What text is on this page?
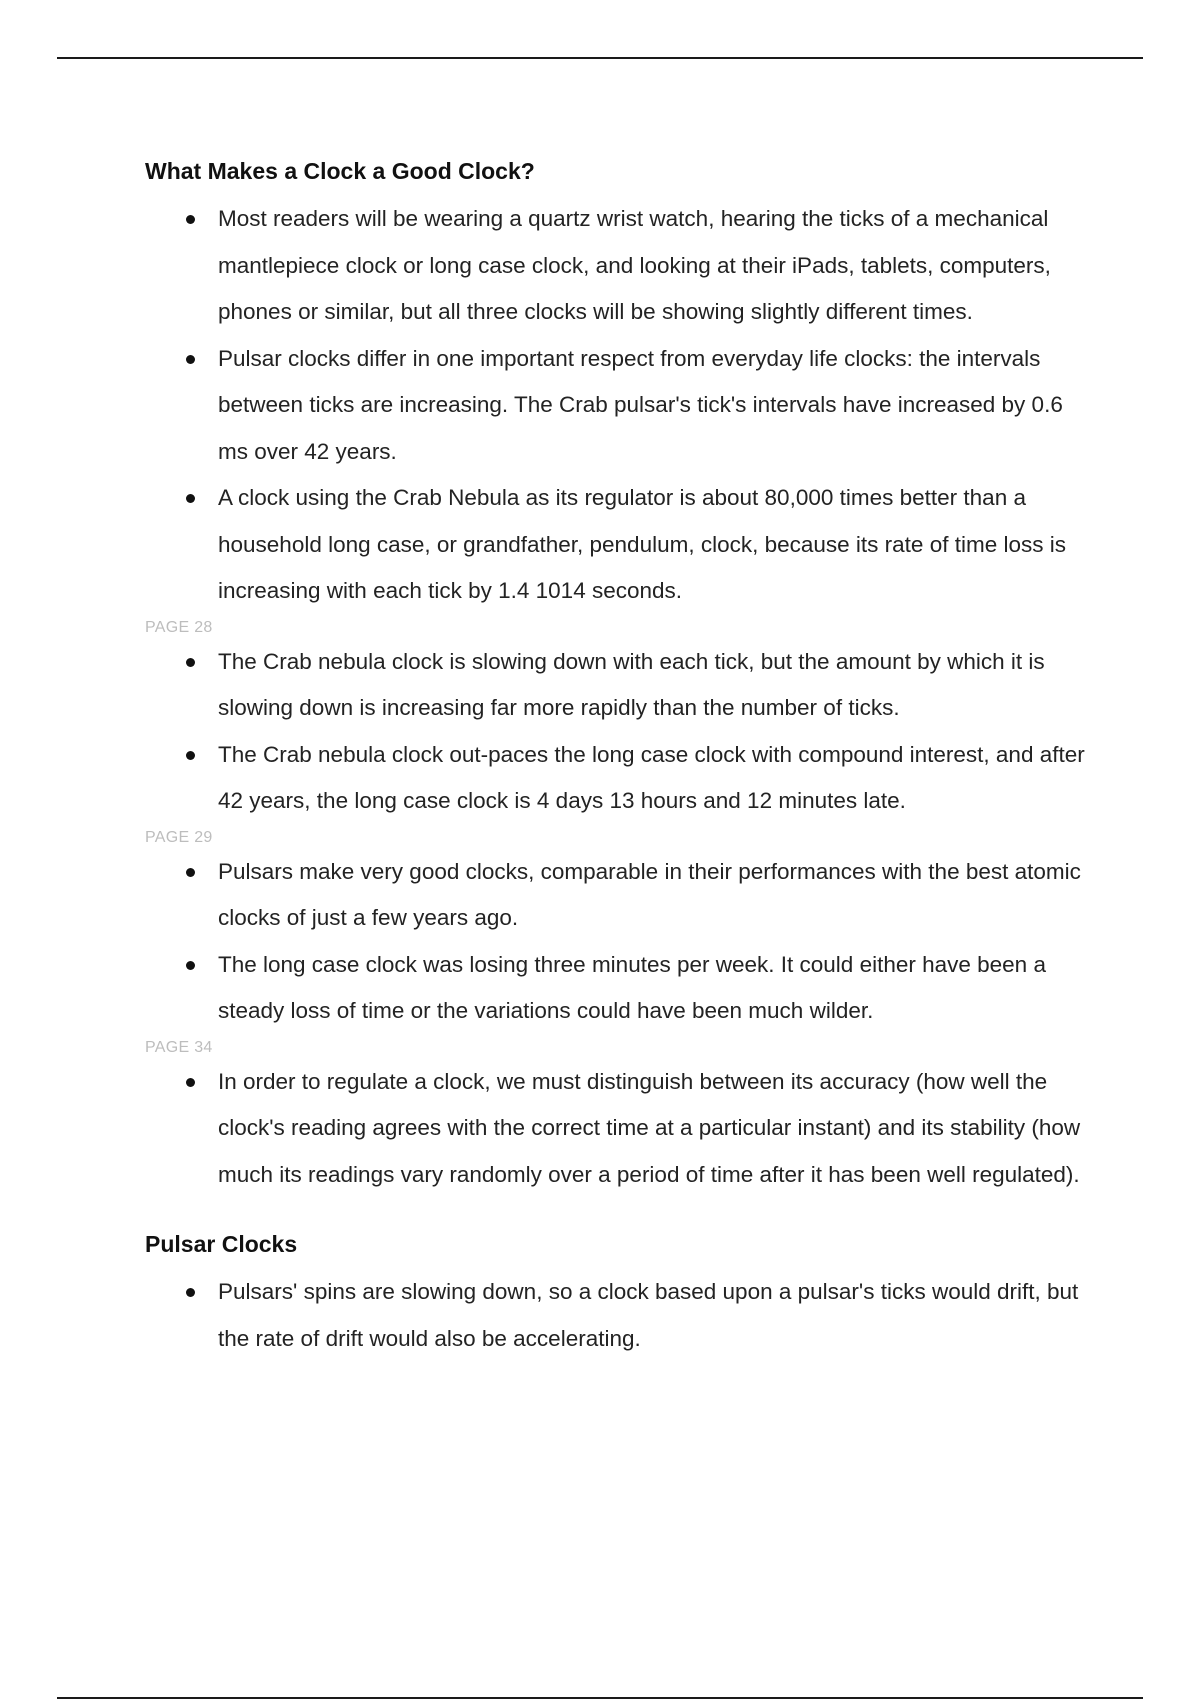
What Makes a Clock a Good Clock?
Most readers will be wearing a quartz wrist watch, hearing the ticks of a mechanical mantlepiece clock or long case clock, and looking at their iPads, tablets, computers, phones or similar, but all three clocks will be showing slightly different times.
Pulsar clocks differ in one important respect from everyday life clocks: the intervals between ticks are increasing. The Crab pulsar's tick's intervals have increased by 0.6 ms over 42 years.
A clock using the Crab Nebula as its regulator is about 80,000 times better than a household long case, or grandfather, pendulum, clock, because its rate of time loss is increasing with each tick by 1.4 1014 seconds.
PAGE 28
The Crab nebula clock is slowing down with each tick, but the amount by which it is slowing down is increasing far more rapidly than the number of ticks.
The Crab nebula clock out-paces the long case clock with compound interest, and after 42 years, the long case clock is 4 days 13 hours and 12 minutes late.
PAGE 29
Pulsars make very good clocks, comparable in their performances with the best atomic clocks of just a few years ago.
The long case clock was losing three minutes per week. It could either have been a steady loss of time or the variations could have been much wilder.
PAGE 34
In order to regulate a clock, we must distinguish between its accuracy (how well the clock's reading agrees with the correct time at a particular instant) and its stability (how much its readings vary randomly over a period of time after it has been well regulated).
Pulsar Clocks
Pulsars' spins are slowing down, so a clock based upon a pulsar's ticks would drift, but the rate of drift would also be accelerating.
